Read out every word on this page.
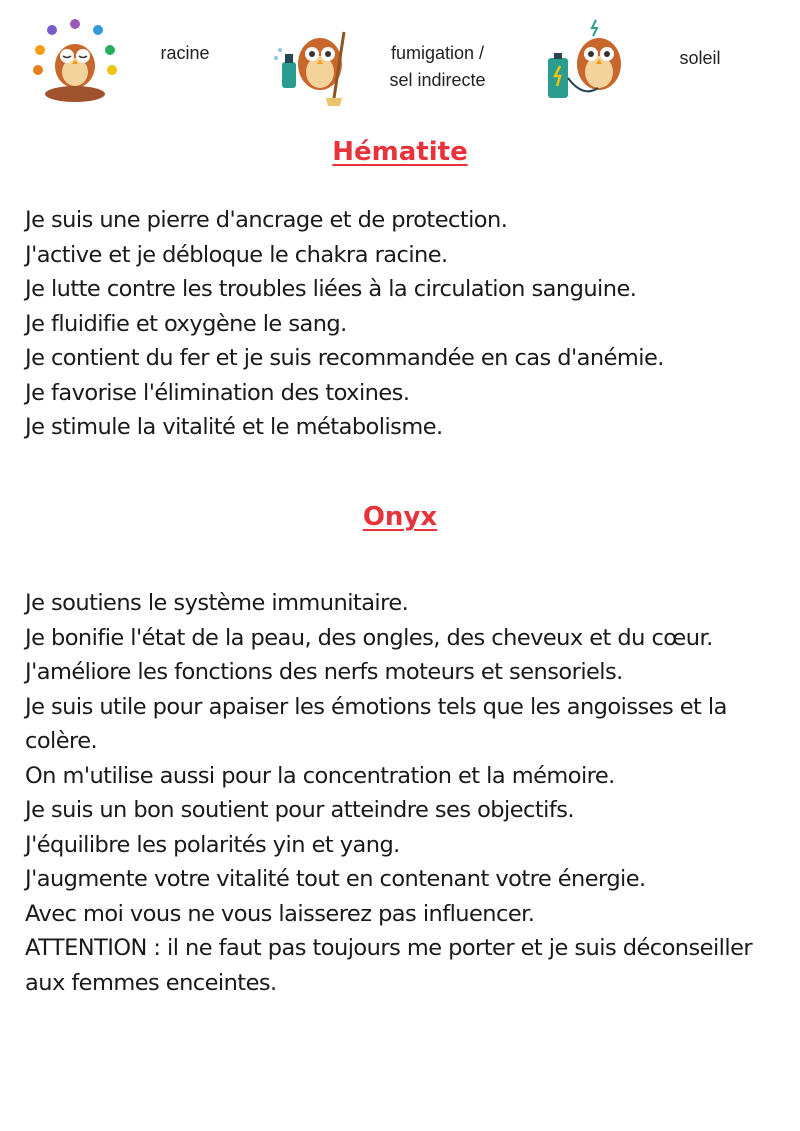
racine	fumigation /
sel indirecte
soleil
Hématite
Je suis une pierre d'ancrage et de protection.
J'active et je débloque le chakra racine.
Je lutte contre les troubles liées à la circulation sanguine.
Je fluidifie et oxygène le sang.
Je contient du fer et je suis recommandée en cas d'anémie.
Je favorise l'élimination des toxines.
Je stimule la vitalité et le métabolisme.
Onyx
Je soutiens le système immunitaire.
Je bonifie l'état de la peau, des ongles, des cheveux et du cœur.
J'améliore les fonctions des nerfs moteurs et sensoriels.
Je suis utile pour apaiser les émotions tels que les angoisses et la colère.
On m'utilise aussi pour la concentration et la mémoire.
Je suis un bon soutient pour atteindre ses objectifs.
J'équilibre les polarités yin et yang.
J'augmente votre vitalité tout en contenant votre énergie.
Avec moi vous ne vous laisserez pas influencer.
ATTENTION : il ne faut pas toujours me porter et je suis déconseiller aux femmes enceintes.
